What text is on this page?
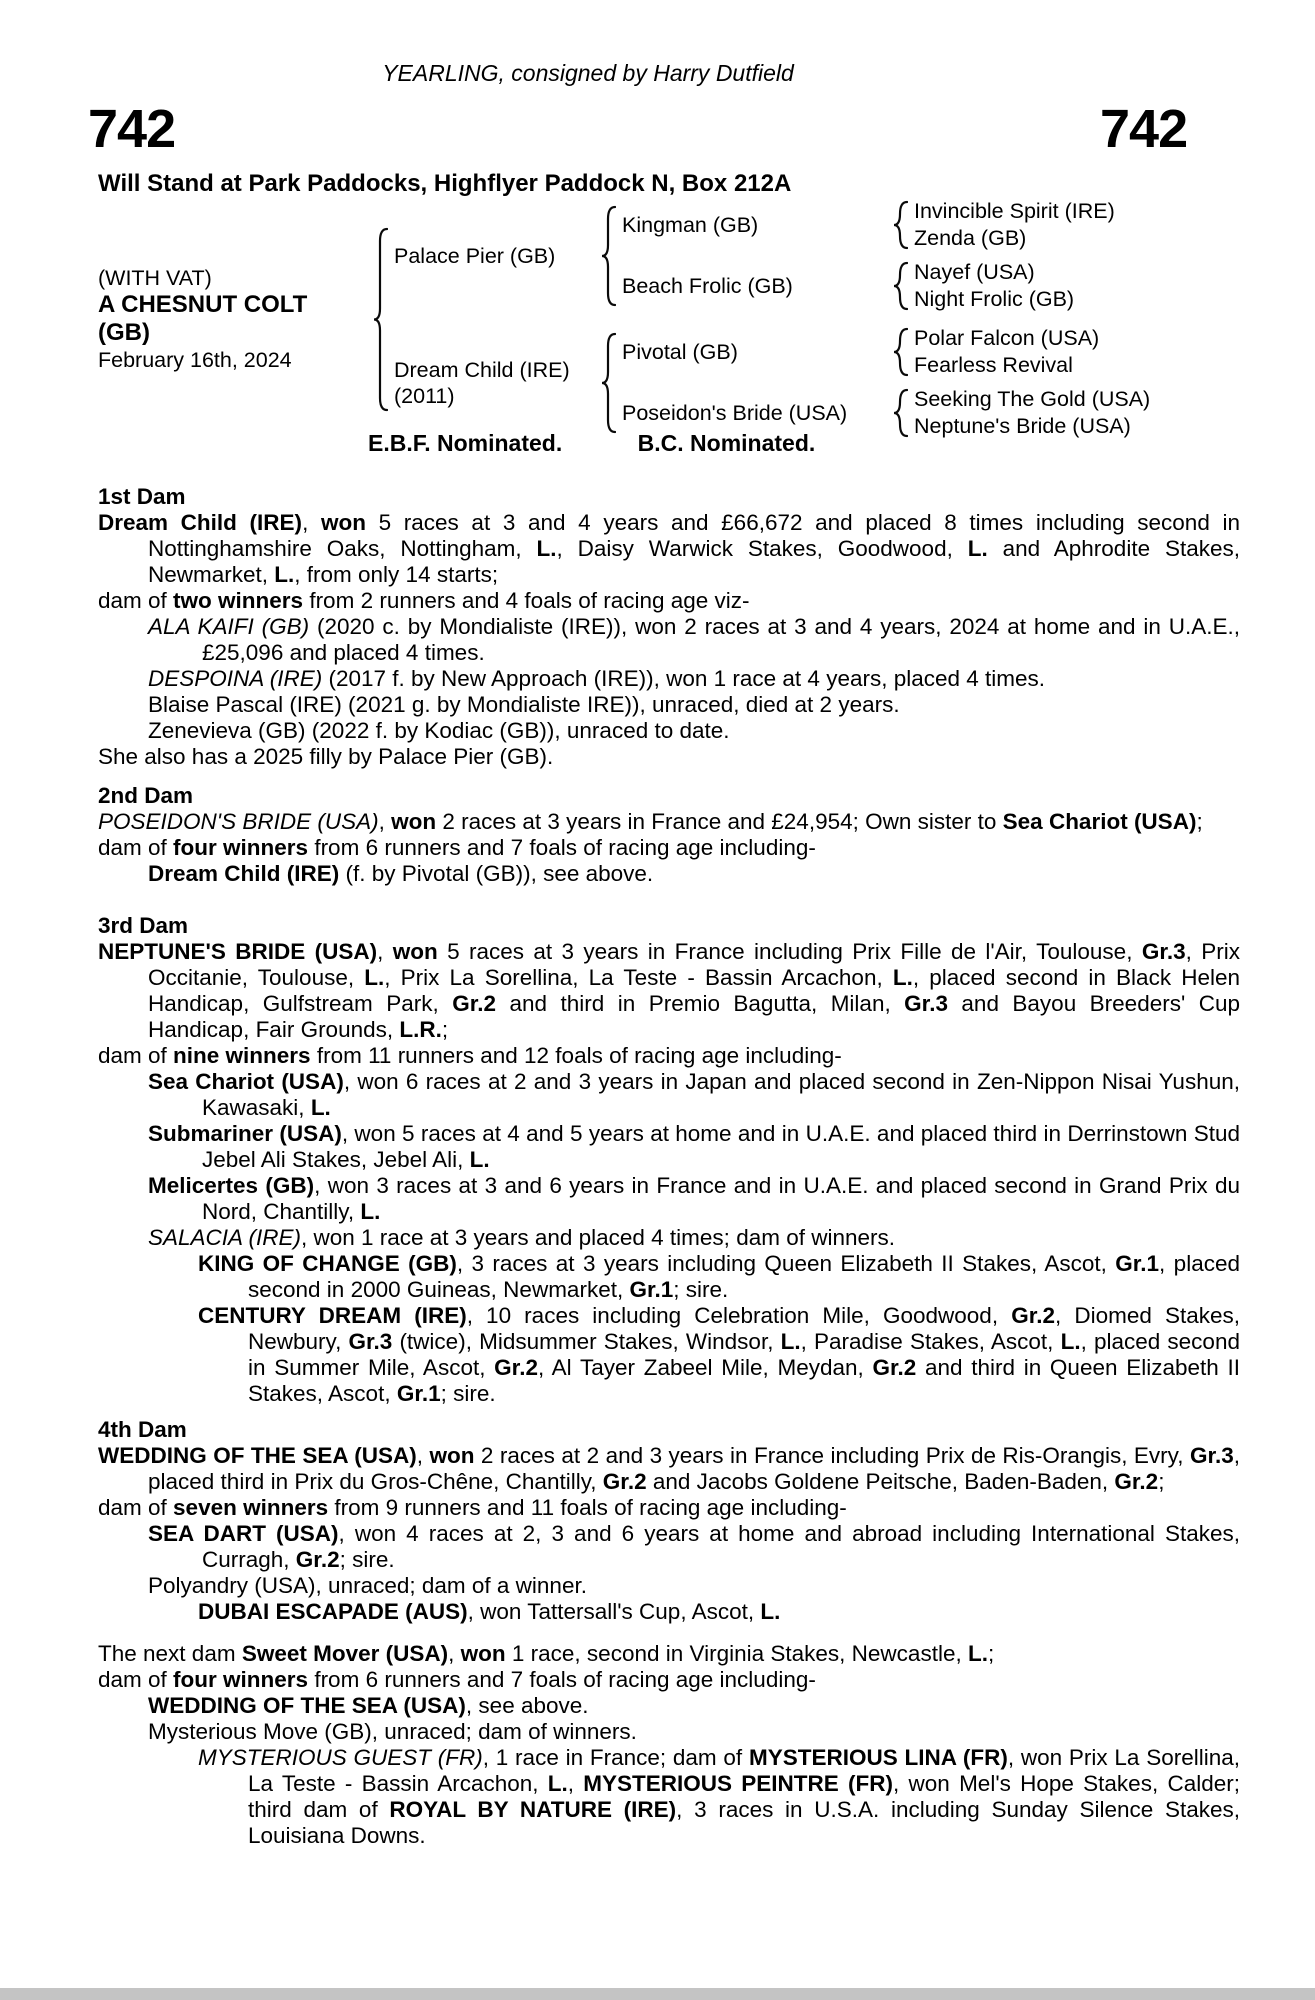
YEARLING, consigned by Harry Dutfield
742	742
Will Stand at Park Paddocks, Highflyer Paddock N, Box 212A
(WITH VAT)
A CHESNUT COLT
(GB)
February 16th, 2024
Palace Pier (GB)
Kingman (GB)
Invincible Spirit (IRE)
Zenda (GB)
Beach Frolic (GB)
Nayef (USA)
Night Frolic (GB)
Dream Child (IRE)
(2011)
Pivotal (GB)
Polar Falcon (USA)
Fearless Revival
Poseidon's Bride (USA)
Seeking The Gold (USA)
Neptune's Bride (USA)
E.B.F. Nominated.	B.C. Nominated.
1st Dam

Dream Child (IRE), won 5 races at 3 and 4 years and £66,672 and placed 8 times including second in Nottinghamshire Oaks, Nottingham, L., Daisy Warwick Stakes, Goodwood, L. and Aphrodite Stakes, Newmarket, L., from only 14 starts;

dam of two winners from 2 runners and 4 foals of racing age viz-

ALA KAIFI (GB) (2020 c. by Mondialiste (IRE)), won 2 races at 3 and 4 years, 2024 at home and in U.A.E., £25,096 and placed 4 times.

DESPOINA (IRE) (2017 f. by New Approach (IRE)), won 1 race at 4 years, placed 4 times.

Blaise Pascal (IRE) (2021 g. by Mondialiste IRE)), unraced, died at 2 years.

Zenevieva (GB) (2022 f. by Kodiac (GB)), unraced to date.

She also has a 2025 filly by Palace Pier (GB).

2nd Dam

POSEIDON'S BRIDE (USA), won 2 races at 3 years in France and £24,954; Own sister to Sea Chariot (USA);

dam of four winners from 6 runners and 7 foals of racing age including-

Dream Child (IRE) (f. by Pivotal (GB)), see above.

3rd Dam

NEPTUNE'S BRIDE (USA), won 5 races at 3 years in France including Prix Fille de l'Air, Toulouse, Gr.3, Prix Occitanie, Toulouse, L., Prix La Sorellina, La Teste - Bassin Arcachon, L., placed second in Black Helen Handicap, Gulfstream Park, Gr.2 and third in Premio Bagutta, Milan, Gr.3 and Bayou Breeders' Cup Handicap, Fair Grounds, L.R.;

dam of nine winners from 11 runners and 12 foals of racing age including-

Sea Chariot (USA), won 6 races at 2 and 3 years in Japan and placed second in Zen-Nippon Nisai Yushun, Kawasaki, L.

Submariner (USA), won 5 races at 4 and 5 years at home and in U.A.E. and placed third in Derrinstown Stud Jebel Ali Stakes, Jebel Ali, L.

Melicertes (GB), won 3 races at 3 and 6 years in France and in U.A.E. and placed second in Grand Prix du Nord, Chantilly, L.

SALACIA (IRE), won 1 race at 3 years and placed 4 times; dam of winners.

KING OF CHANGE (GB), 3 races at 3 years including Queen Elizabeth II Stakes, Ascot, Gr.1, placed second in 2000 Guineas, Newmarket, Gr.1; sire.

CENTURY DREAM (IRE), 10 races including Celebration Mile, Goodwood, Gr.2, Diomed Stakes, Newbury, Gr.3 (twice), Midsummer Stakes, Windsor, L., Paradise Stakes, Ascot, L., placed second in Summer Mile, Ascot, Gr.2, Al Tayer Zabeel Mile, Meydan, Gr.2 and third in Queen Elizabeth II Stakes, Ascot, Gr.1; sire.

4th Dam

WEDDING OF THE SEA (USA), won 2 races at 2 and 3 years in France including Prix de Ris-Orangis, Evry, Gr.3, placed third in Prix du Gros-Chêne, Chantilly, Gr.2 and Jacobs Goldene Peitsche, Baden-Baden, Gr.2;

dam of seven winners from 9 runners and 11 foals of racing age including-

SEA DART (USA), won 4 races at 2, 3 and 6 years at home and abroad including International Stakes, Curragh, Gr.2; sire.

Polyandry (USA), unraced; dam of a winner.

DUBAI ESCAPADE (AUS), won Tattersall's Cup, Ascot, L.

The next dam Sweet Mover (USA), won 1 race, second in Virginia Stakes, Newcastle, L.;

dam of four winners from 6 runners and 7 foals of racing age including-

WEDDING OF THE SEA (USA), see above.

Mysterious Move (GB), unraced; dam of winners.

MYSTERIOUS GUEST (FR), 1 race in France; dam of MYSTERIOUS LINA (FR), won Prix La Sorellina, La Teste - Bassin Arcachon, L., MYSTERIOUS PEINTRE (FR), won Mel's Hope Stakes, Calder; third dam of ROYAL BY NATURE (IRE), 3 races in U.S.A. including Sunday Silence Stakes, Louisiana Downs.
